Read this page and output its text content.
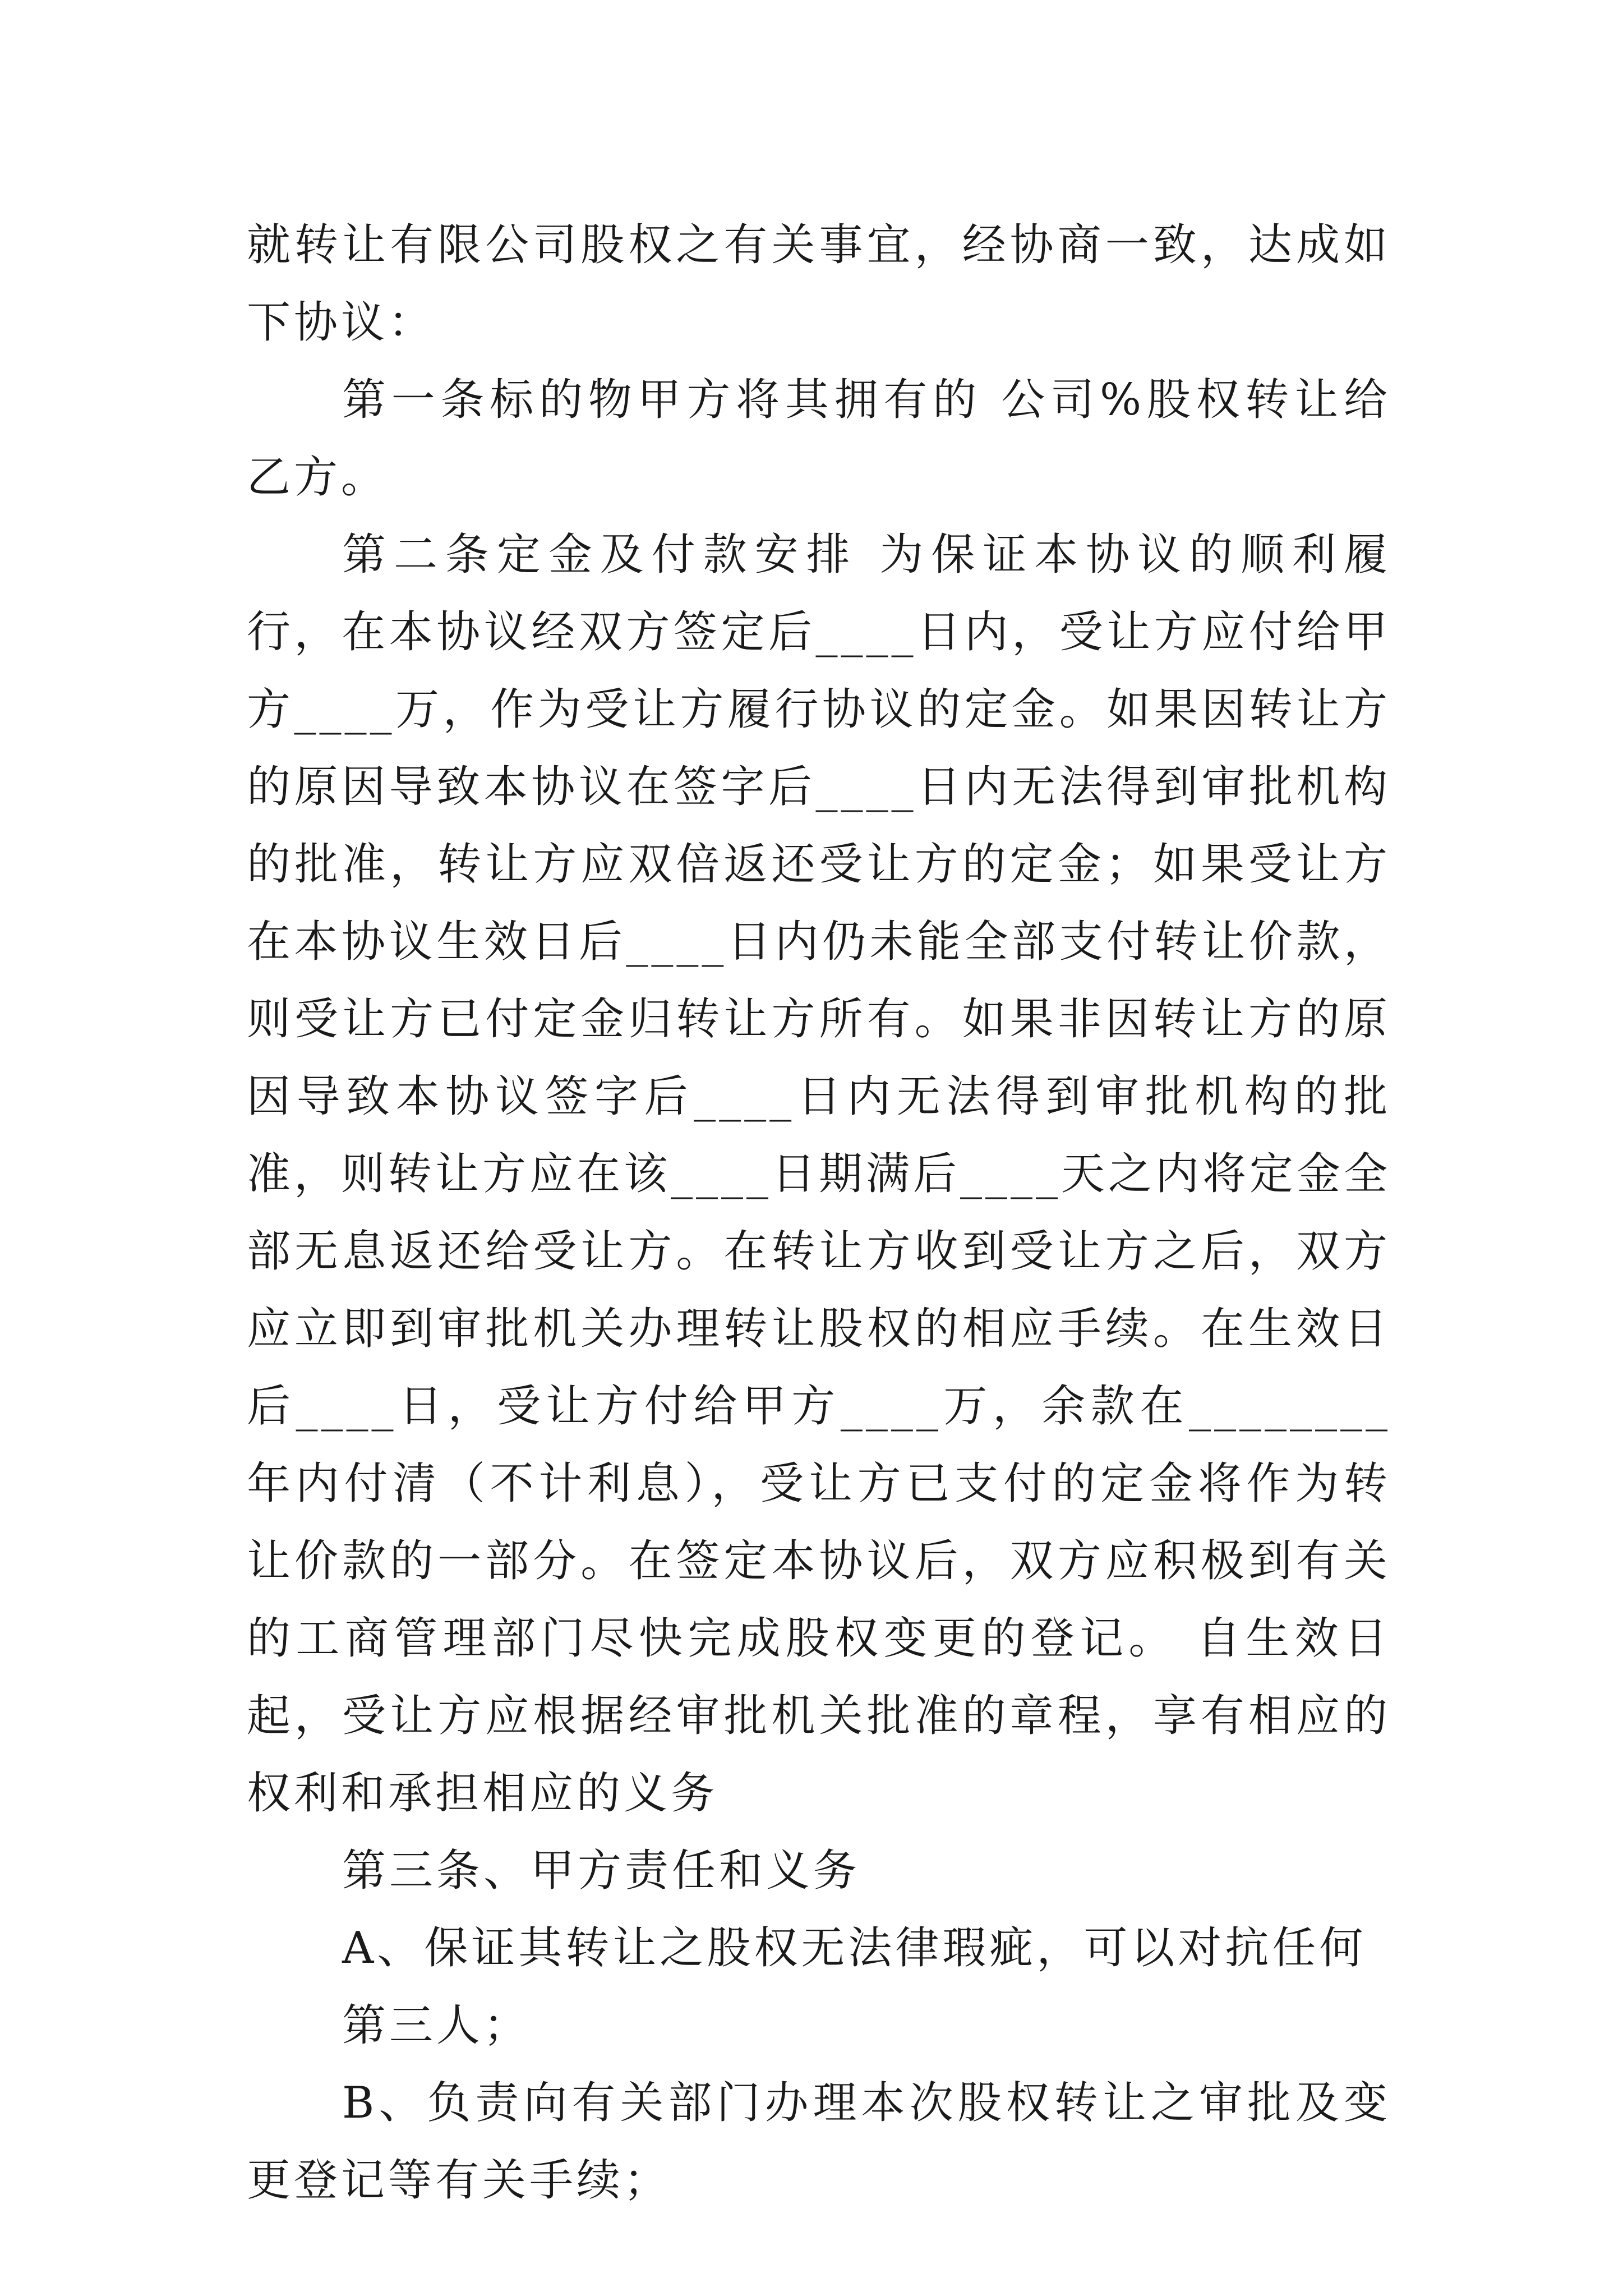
就转让有限公司股权之有关事宜，经协商一致，达成如下协议：

第一条标的物甲方将其拥有的 公司%股权转让给乙方。

第二条定金及付款安排 为保证本协议的顺利履行，在本协议经双方签定后____日内，受让方应付给甲方____万，作为受让方履行协议的定金。如果因转让方的原因导致本协议在签字后____日内无法得到审批机构的批准，转让方应双倍返还受让方的定金；如果受让方在本协议生效日后____日内仍未能全部支付转让价款，则受让方已付定金归转让方所有。如果非因转让方的原因导致本协议签字后____日内无法得到审批机构的批准，则转让方应在该____日期满后____天之内将定金全部无息返还给受让方。在转让方收到受让方之后，双方应立即到审批机关办理转让股权的相应手续。在生效日后____日，受让方付给甲方____万，余款在________年内付清（不计利息），受让方已支付的定金将作为转让价款的一部分。在签定本协议后，双方应积极到有关的工商管理部门尽快完成股权变更的登记。 自生效日起，受让方应根据经审批机关批准的章程，享有相应的权利和承担相应的义务

第三条、甲方责任和义务

A、保证其转让之股权无法律瑕疵，可以对抗任何

第三人；

B、负责向有关部门办理本次股权转让之审批及变更登记等有关手续；
